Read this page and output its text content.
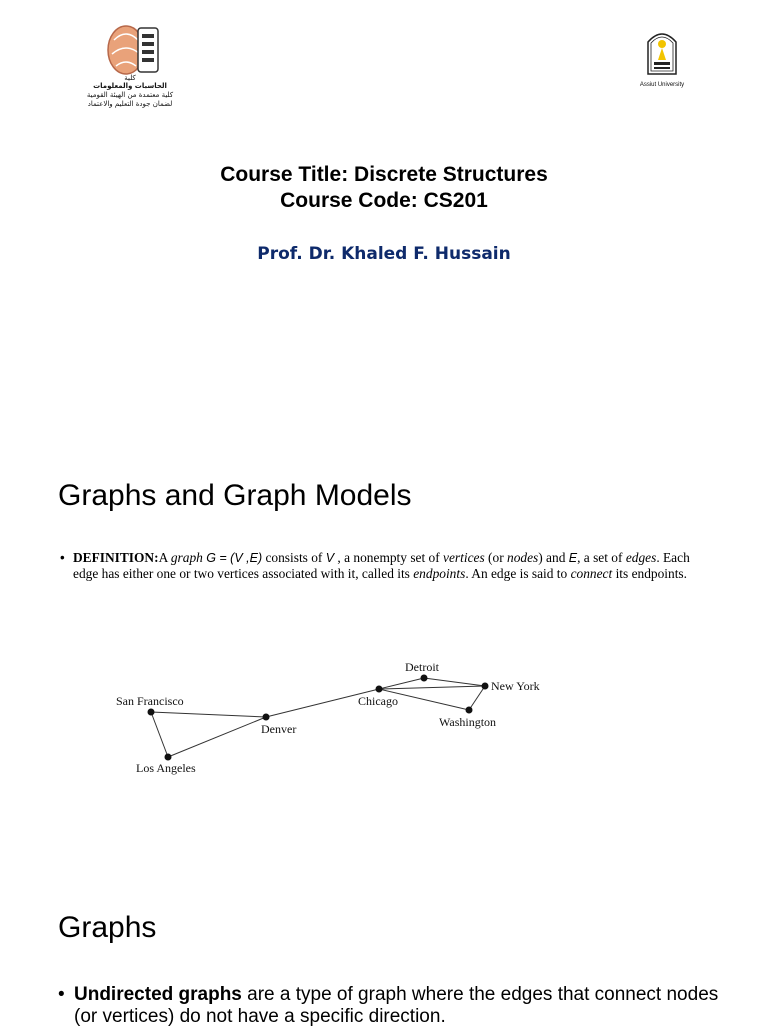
كلية
الحاسبات والمعلومات
كلية معتمدة من الهيئة القومية
لضمان جودة التعليم والاعتماد
Assiut University
Course Title: Discrete Structures
Course Code: CS201
Prof. Dr. Khaled F. Hussain
Graphs and Graph Models
• DEFINITION:A graph G = (V ,E) consists of V , a nonempty set of vertices (or nodes) and E, a set of edges. Each edge has either one or two vertices associated with it, called its endpoints. An edge is said to connect its endpoints.
San Francisco
Los Angeles
Denver
Chicago
Detroit
New York
Washington
Graphs
• Undirected graphs are a type of graph where the edges that connect nodes (or vertices) do not have a specific direction.
